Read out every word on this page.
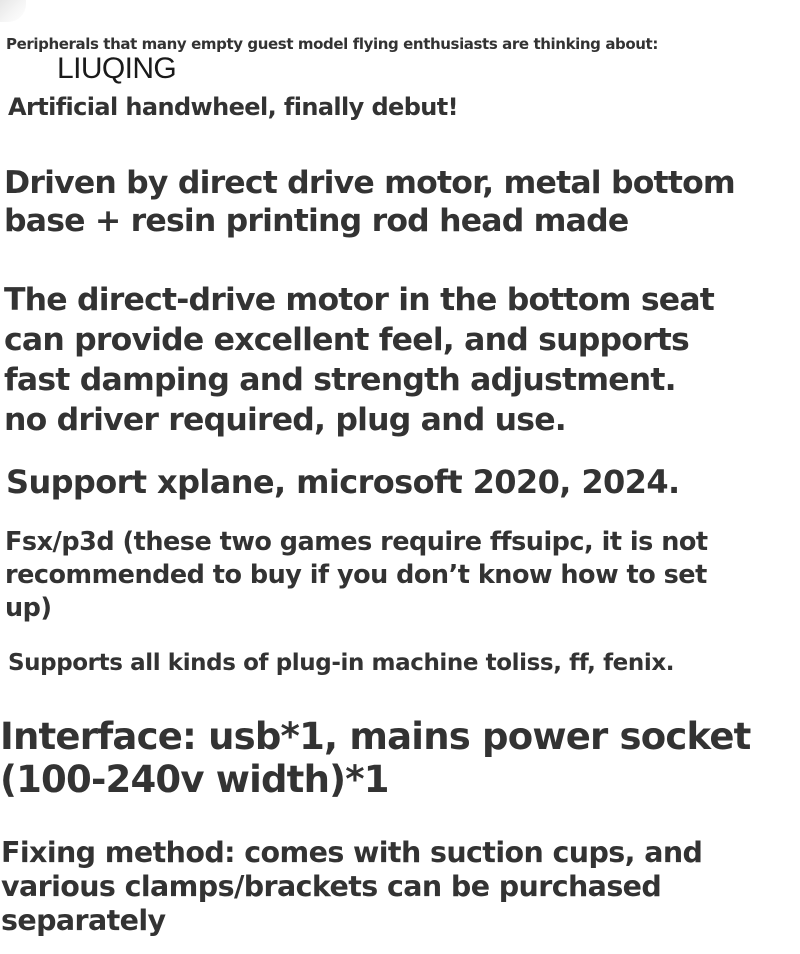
Peripherals that many empty guest model flying enthusiasts are thinking about:

LIUQING

Artificial handwheel, finally debut!

Driven by direct drive motor, metal bottom
base + resin printing rod head made
The direct-drive motor in the bottom seat
can provide excellent feel, and supports
fast damping and strength adjustment.
no driver required, plug and use.

Support xplane, microsoft 2020, 2024.

Fsx/p3d (these two games require ffsuipc, it is not
recommended to buy if you don’t know how to set
up)

Supports all kinds of plug-in machine toliss, ff, fenix.

Interface: usb*1, mains power socket
(100-240v width)*1
Fixing method: comes with suction cups, and
various clamps/brackets can be purchased
separately
